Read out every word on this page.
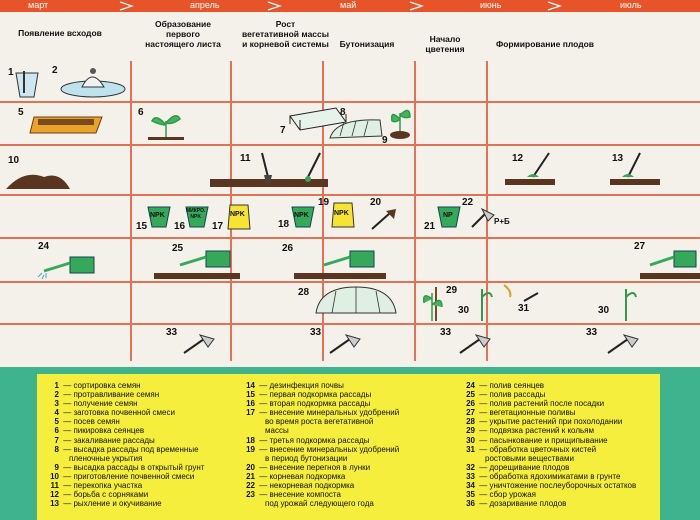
март	апрель	май	июнь	июль
Появление всходов
Образование
первого
настоящего листа
Рост
вегетативной массы
и корневой системы	Бутонизация	Начало
цветения	Формирование плодов
1	2
5	6
7
8
9
10	11	12	13
15
NPK
16
МИКРО.
NPK
17
NPK
18
NPK
19
NPK
20
21
NP
22
Р+Б
24	25	26	27
28	29
30	31	30
33	33	33	33
1 — сортировка семян
2 — протравливание семян
3 — получение семян
4 — заготовка почвенной смеси
5 — посев семян
6 — пикировка сеянцев
7 — закаливание рассады
8 — высадка рассады под временные
пленочные укрытия
9 — высадка рассады в открытый грунт
10 — приготовление почвенной смеси
11 — перекопка участка
12 — борьба с сорняками
13 — рыхление и окучивание
14 — дезинфекция почвы
15 — первая подкормка рассады
16 — вторая подкормка рассады
17 — внесение минеральных удобрений
во время роста вегетативной
массы
18 — третья подкормка рассады
19 — внесение минеральных удобрений
в период бутонизации
20 — внесение перегноя в лунки
21 — корневая подкормка
22 — некорневая подкормка
23 — внесение компоста
под урожай следующего года
24 — полив сеянцев
25 — полив рассады
26 — полив растений после посадки
27 — вегетационные поливы
28 — укрытие растений при похолодании
29 — подвязка растений к кольям
30 — пасынкование и прищипывание
31 — обработка цветочных кистей
ростовыми веществами
32 — дорещивание плодов
33 — обработка ядохимикатами в грунте
34 — уничтожение послеуборочных остатков
35 — сбор урожая
36 — дозаривание плодов
